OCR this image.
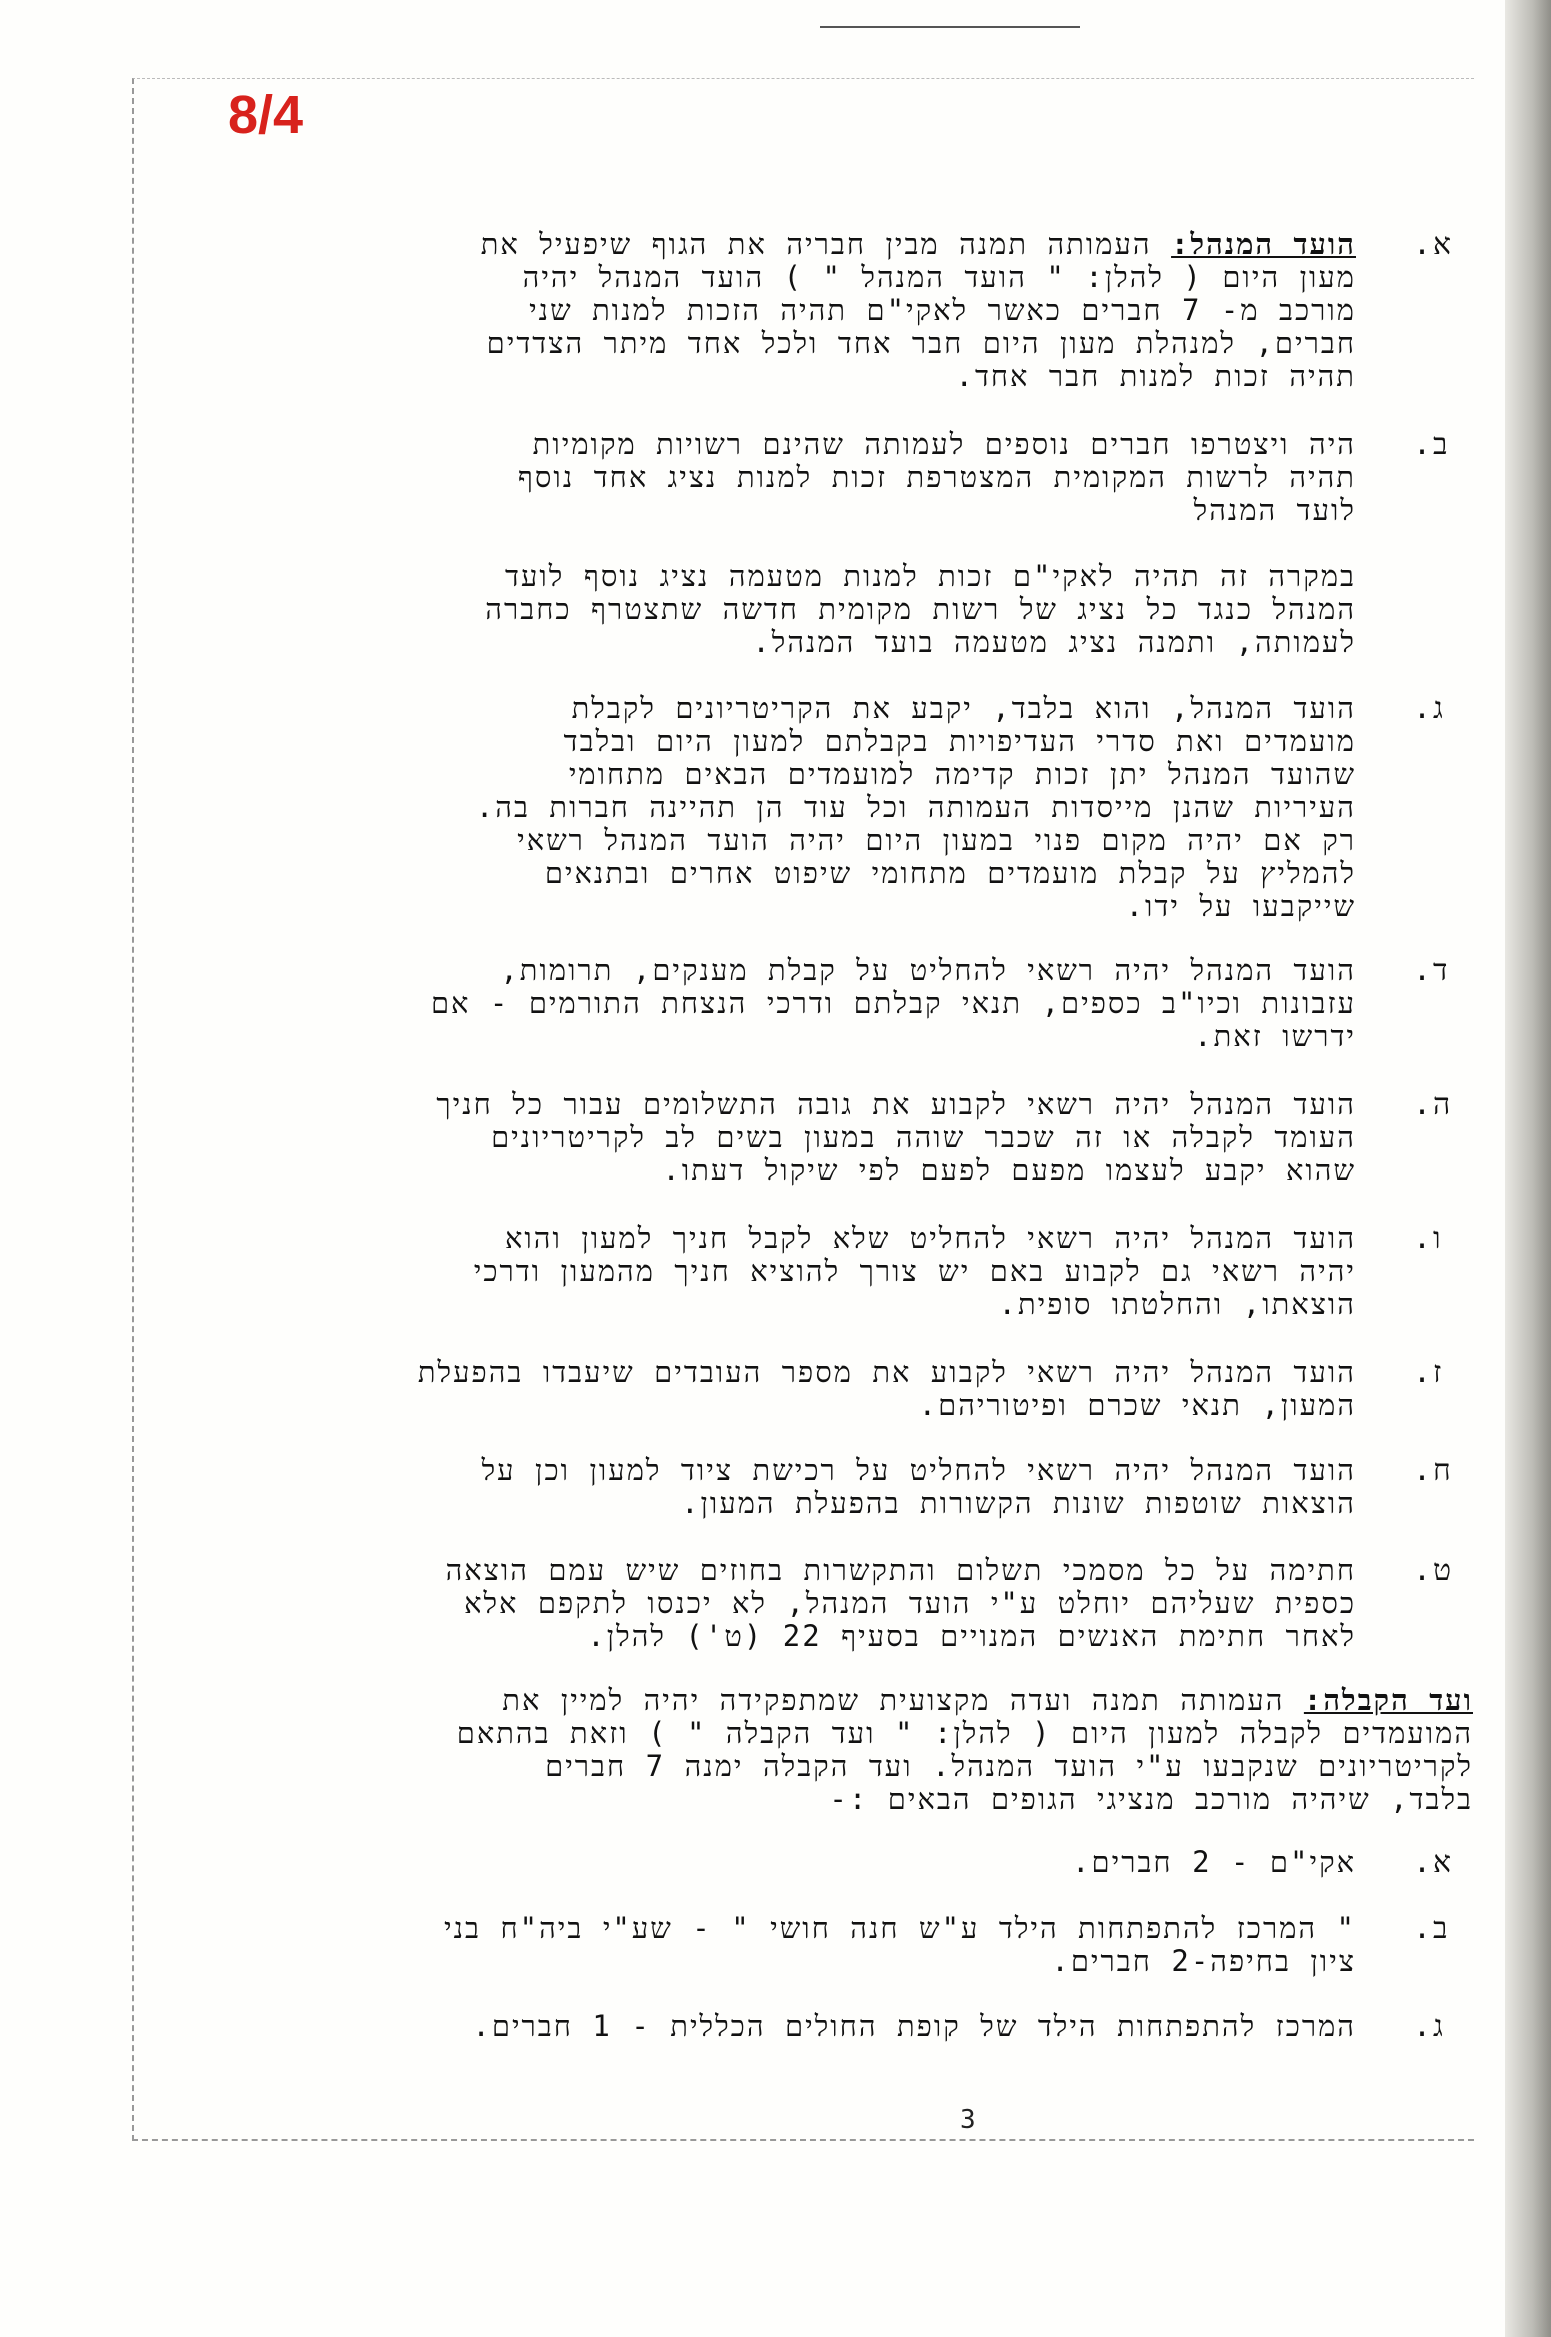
8/4
א.
הועד המנהל: העמותה תמנה מבין חבריה את הגוף שיפעיל את
מעון היום ( להלן: " הועד המנהל " ) הועד המנהל יהיה
מורכב מ- 7 חברים כאשר לאקי"ם תהיה הזכות למנות שני
חברים, למנהלת מעון היום חבר אחד ולכל אחד מיתר הצדדים
תהיה זכות למנות חבר אחד.
ב.
היה ויצטרפו חברים נוספים לעמותה שהינם רשויות מקומיות
תהיה לרשות המקומית המצטרפת זכות למנות נציג אחד נוסף
לועד המנהל
במקרה זה תהיה לאקי"ם זכות למנות מטעמה נציג נוסף לועד
המנהל כנגד כל נציג של רשות מקומית חדשה שתצטרף כחברה
לעמותה, ותמנה נציג מטעמה בועד המנהל.
ג.
הועד המנהל, והוא בלבד, יקבע את הקריטריונים לקבלת
מועמדים ואת סדרי העדיפויות בקבלתם למעון היום ובלבד
שהועד המנהל יתן זכות קדימה למועמדים הבאים מתחומי
העיריות שהנן מייסדות העמותה וכל עוד הן תהיינה חברות בה.
רק אם יהיה מקום פנוי במעון היום יהיה הועד המנהל רשאי
להמליץ על קבלת מועמדים מתחומי שיפוט אחרים ובתנאים
שייקבעו על ידו.
ד.
הועד המנהל יהיה רשאי להחליט על קבלת מענקים, תרומות,
עזבונות וכיו"ב כספים, תנאי קבלתם ודרכי הנצחת התורמים - אם
ידרשו זאת.
ה.
הועד המנהל יהיה רשאי לקבוע את גובה התשלומים עבור כל חניך
העומד לקבלה או זה שכבר שוהה במעון בשים לב לקריטריונים
שהוא יקבע לעצמו מפעם לפעם לפי שיקול דעתו.
ו.
הועד המנהל יהיה רשאי להחליט שלא לקבל חניך למעון והוא
יהיה רשאי גם לקבוע באם יש צורך להוציא חניך מהמעון ודרכי
הוצאתו, והחלטתו סופית.
ז.
הועד המנהל יהיה רשאי לקבוע את מספר העובדים שיעבדו בהפעלת
המעון, תנאי שכרם ופיטוריהם.
ח.
הועד המנהל יהיה רשאי להחליט על רכישת ציוד למעון וכן על
הוצאות שוטפות שונות הקשורות בהפעלת המעון.
ט.
חתימה על כל מסמכי תשלום והתקשרות בחוזים שיש עמם הוצאה
כספית שעליהם יוחלט ע"י הועד המנהל, לא יכנסו לתקפם אלא
לאחר חתימת האנשים המנויים בסעיף 22 (ט') להלן.
ועד הקבלה: העמותה תמנה ועדה מקצועית שמתפקידה יהיה למיין את
המועמדים לקבלה למעון היום ( להלן: " ועד הקבלה " ) וזאת בהתאם
לקריטריונים שנקבעו ע"י הועד המנהל. ועד הקבלה ימנה 7 חברים
בלבד, שיהיה מורכב מנציגי הגופים הבאים :-
א.
אקי"ם - 2 חברים.
ב.
" המרכז להתפתחות הילד ע"ש חנה חושי " - שע"י ביה"ח בני
ציון בחיפה-2 חברים.
ג.
המרכז להתפתחות הילד של קופת החולים הכללית - 1 חברים.
3
